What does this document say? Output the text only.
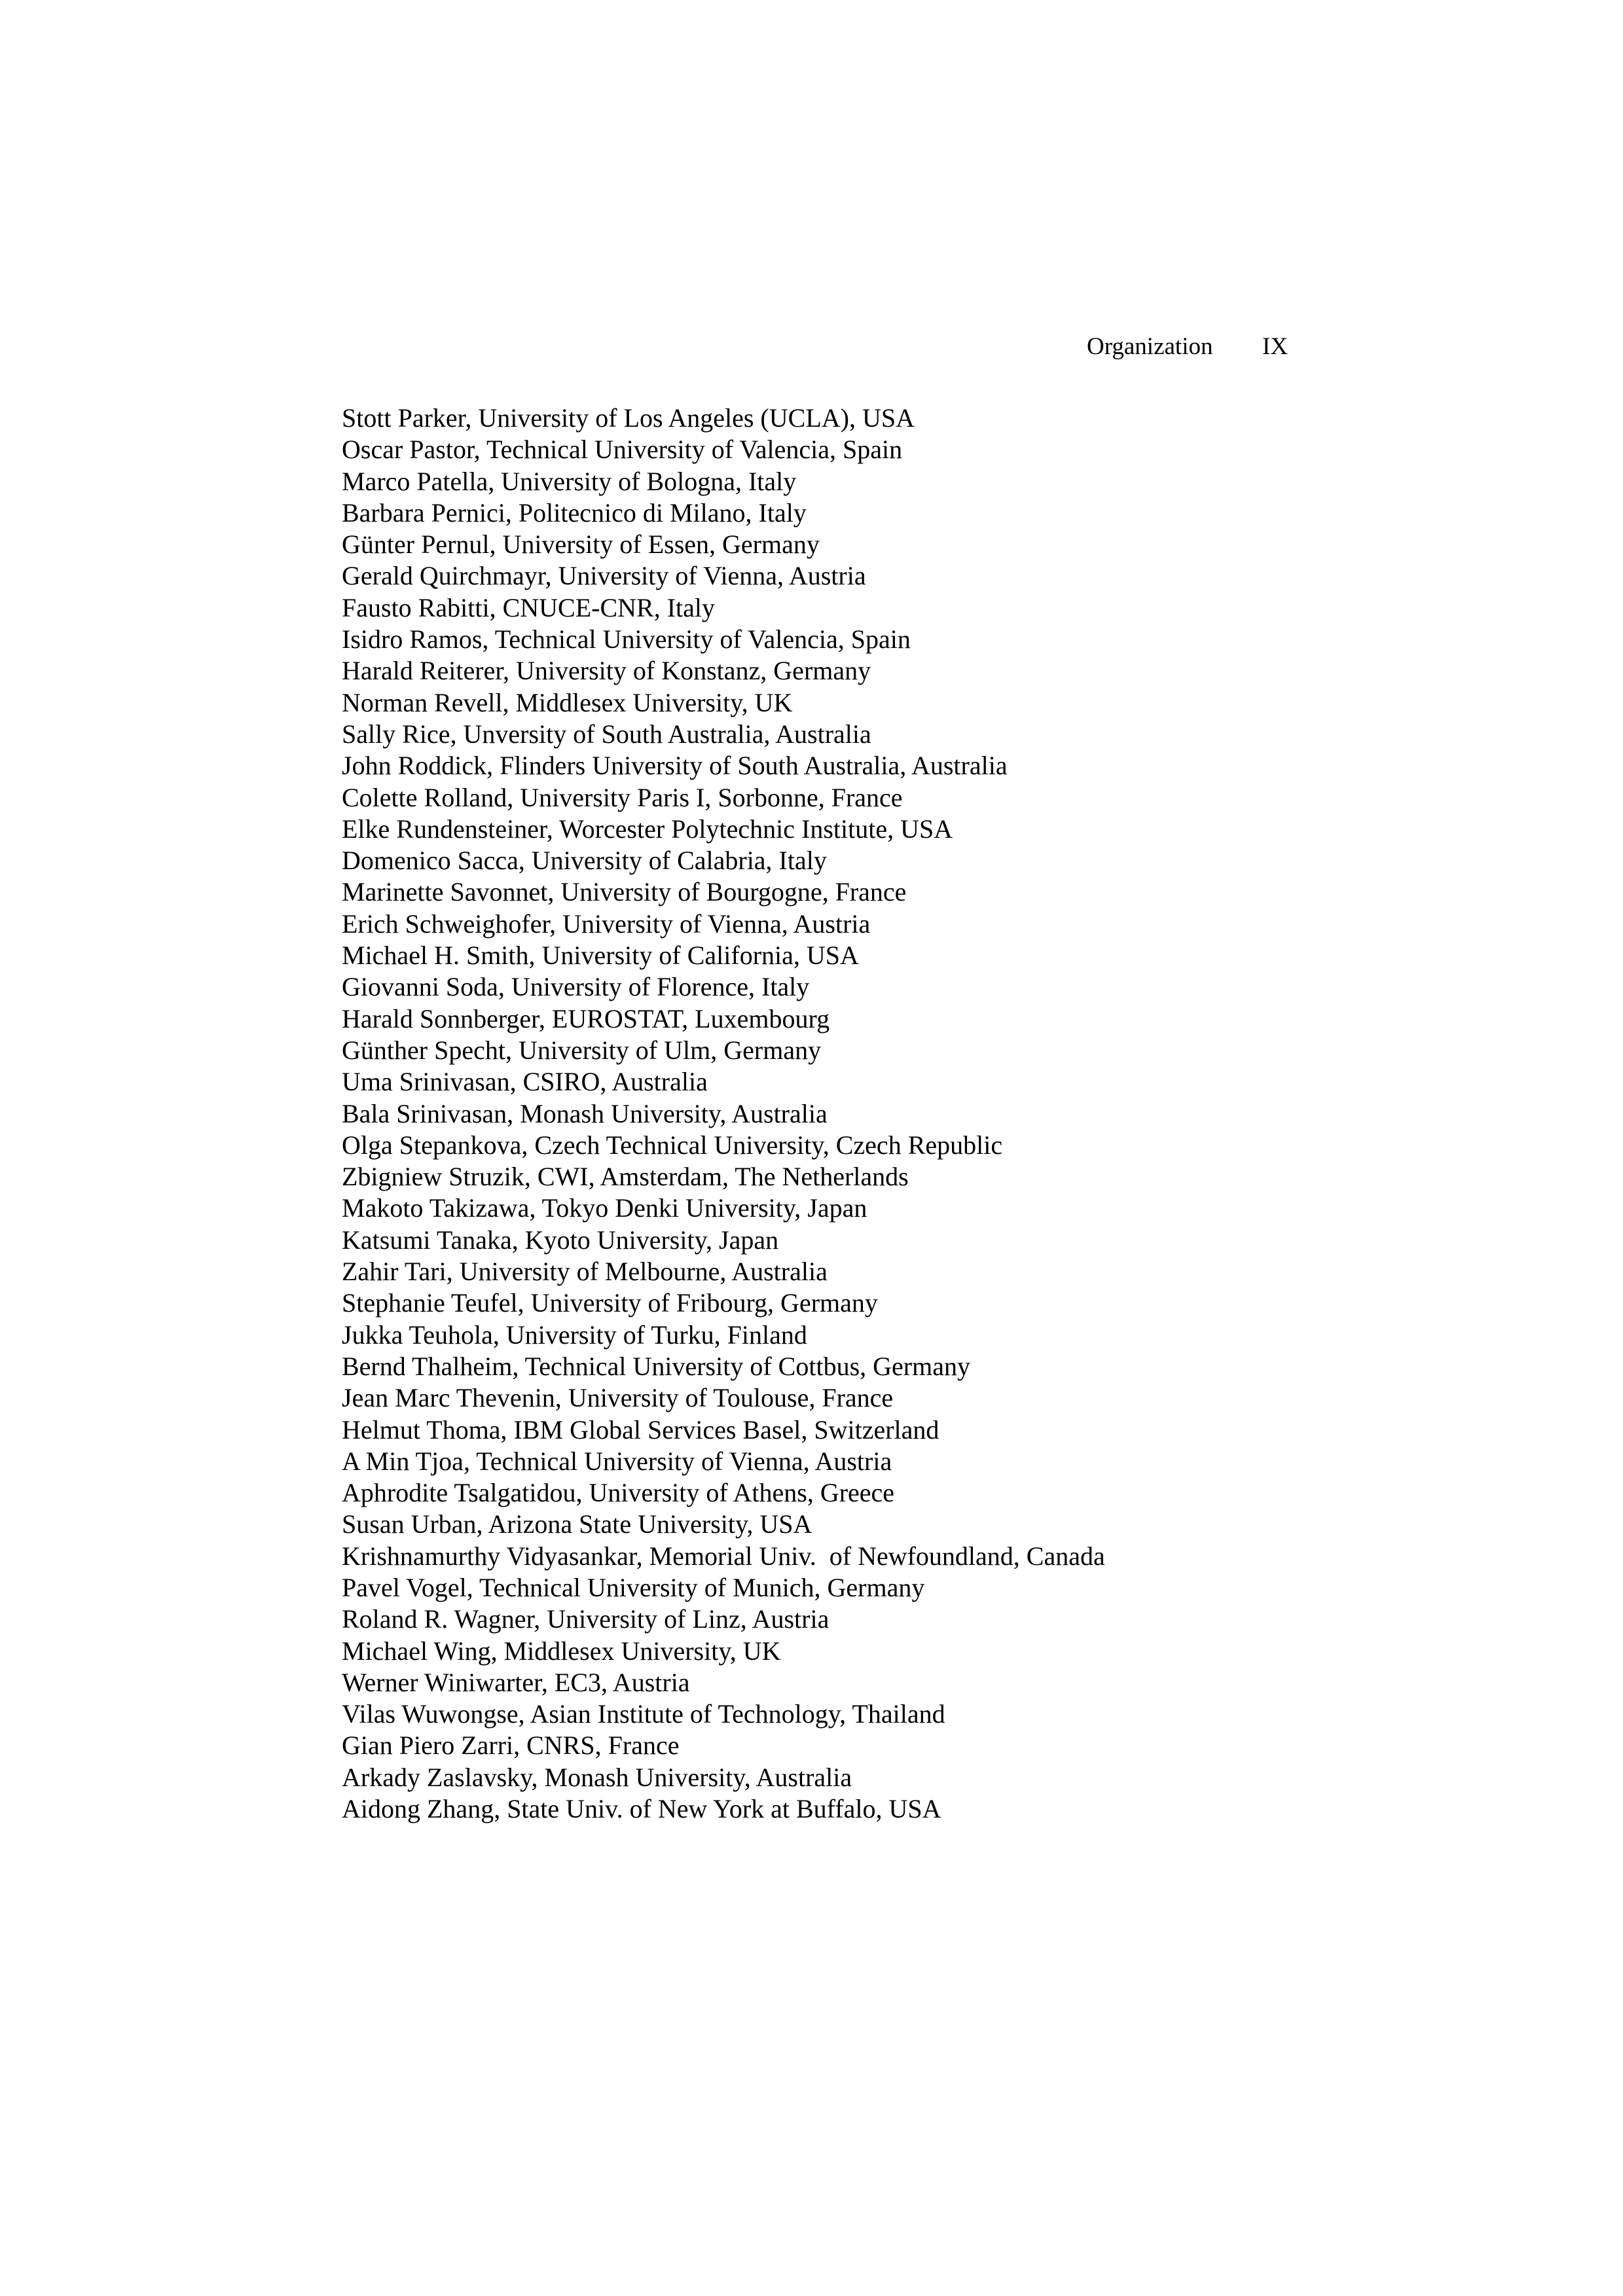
Organization IX
Stott Parker, University of Los Angeles (UCLA), USA
Oscar Pastor, Technical University of Valencia, Spain
Marco Patella, University of Bologna, Italy
Barbara Pernici, Politecnico di Milano, Italy
Günter Pernul, University of Essen, Germany
Gerald Quirchmayr, University of Vienna, Austria
Fausto Rabitti, CNUCE-CNR, Italy
Isidro Ramos, Technical University of Valencia, Spain
Harald Reiterer, University of Konstanz, Germany
Norman Revell, Middlesex University, UK
Sally Rice, Unversity of South Australia, Australia
John Roddick, Flinders University of South Australia, Australia
Colette Rolland, University Paris I, Sorbonne, France
Elke Rundensteiner, Worcester Polytechnic Institute, USA
Domenico Sacca, University of Calabria, Italy
Marinette Savonnet, University of Bourgogne, France
Erich Schweighofer, University of Vienna, Austria
Michael H. Smith, University of California, USA
Giovanni Soda, University of Florence, Italy
Harald Sonnberger, EUROSTAT, Luxembourg
Günther Specht, University of Ulm, Germany
Uma Srinivasan, CSIRO, Australia
Bala Srinivasan, Monash University, Australia
Olga Stepankova, Czech Technical University, Czech Republic
Zbigniew Struzik, CWI, Amsterdam, The Netherlands
Makoto Takizawa, Tokyo Denki University, Japan
Katsumi Tanaka, Kyoto University, Japan
Zahir Tari, University of Melbourne, Australia
Stephanie Teufel, University of Fribourg, Germany
Jukka Teuhola, University of Turku, Finland
Bernd Thalheim, Technical University of Cottbus, Germany
Jean Marc Thevenin, University of Toulouse, France
Helmut Thoma, IBM Global Services Basel, Switzerland
A Min Tjoa, Technical University of Vienna, Austria
Aphrodite Tsalgatidou, University of Athens, Greece
Susan Urban, Arizona State University, USA
Krishnamurthy Vidyasankar, Memorial Univ.  of Newfoundland, Canada
Pavel Vogel, Technical University of Munich, Germany
Roland R. Wagner, University of Linz, Austria
Michael Wing, Middlesex University, UK
Werner Winiwarter, EC3, Austria
Vilas Wuwongse, Asian Institute of Technology, Thailand
Gian Piero Zarri, CNRS, France
Arkady Zaslavsky, Monash University, Australia
Aidong Zhang, State Univ. of New York at Buffalo, USA
